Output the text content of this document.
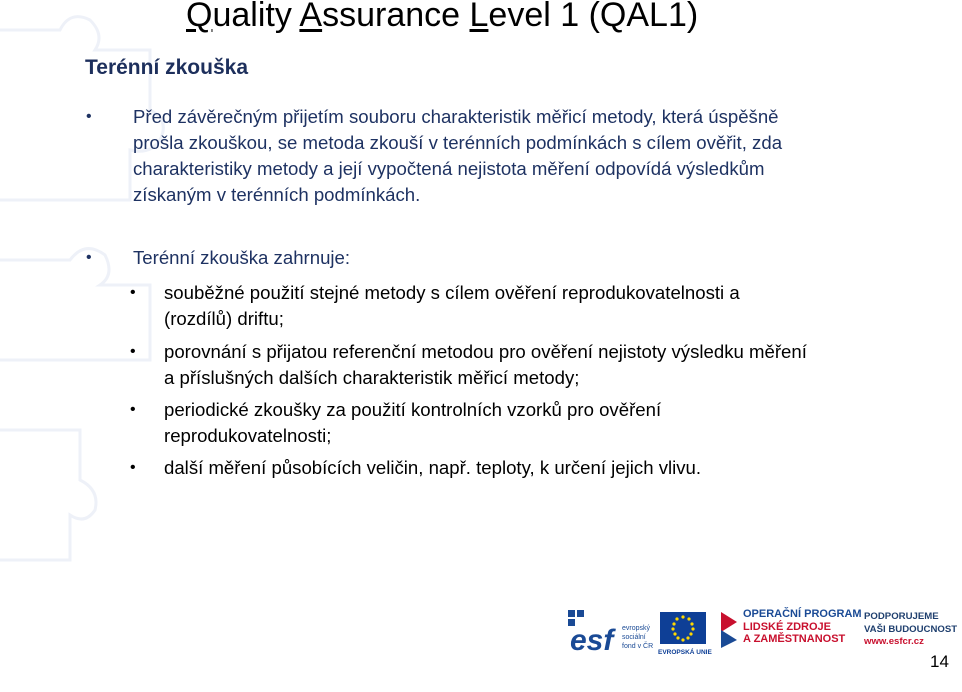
Quality Assurance Level 1 (QAL1)
Terénní zkouška
• Před závěrečným přijetím souboru charakteristik měřicí metody, která úspěšně
prošla zkouškou, se metoda zkouší v terénních podmínkách s cílem ověřit, zda
charakteristiky metody a její vypočtená nejistota měření odpovídá výsledkům
získaným v terénních podmínkách.
• Terénní zkouška zahrnuje:
• souběžné použití stejné metody s cílem ověření reprodukovatelnosti a
(rozdílů) driftu;
• porovnání s přijatou referenční metodou pro ověření nejistoty výsledku měření
a příslušných dalších charakteristik měřicí metody;
• periodické zkoušky za použití kontrolních vzorků pro ověření
reprodukovatelnosti;
• další měření působících veličin, např. teploty, k určení jejich vlivu.
esf	evropský
sociální
fond v ČR
EVROPSKÁ UNIE
OPERAČNÍ PROGRAM
LIDSKÉ ZDROJE
A ZAMĚSTNANOST
PODPORUJEME
VAŠI BUDOUCNOST
www.esfcr.cz
14
